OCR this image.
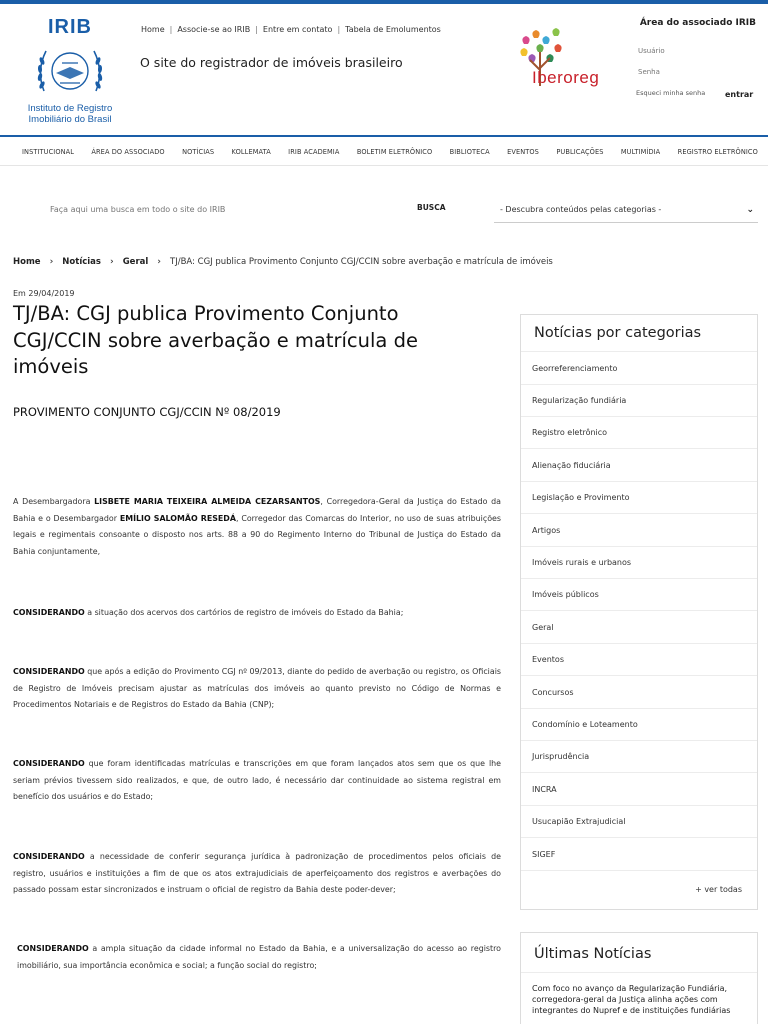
IRIB
Instituto de Registro
Imobiliário do Brasil
Home | Associe-se ao IRIB | Entre em contato | Tabela de Emolumentos
O site do registrador de imóveis brasileiro
Iberoreg
Área do associado IRIB
Usuário
Esqueci minha senha entrar
INSTITUCIONAL	ÁREA DO ASSOCIADO	NOTÍCIAS	KOLLEMATA	IRIB ACADEMIA	BOLETIM ELETRÔNICO	BIBLIOTECA	EVENTOS	PUBLICAÇÕES	MULTIMÍDIA	REGISTRO ELETRÔNICO
Faça aqui uma busca em todo o site do IRIB
BUSCA	- Descubra conteúdos pelas categorias -	⌄
Home › Notícias › Geral › TJ/BA: CGJ publica Provimento Conjunto CGJ/CCIN sobre averbação e matrícula de imóveis
Em 29/04/2019
TJ/BA: CGJ publica Provimento Conjunto CGJ/CCIN sobre averbação e matrícula de imóveis
PROVIMENTO CONJUNTO CGJ/CCIN Nº 08/2019

A Desembargadora LISBETE MARIA TEIXEIRA ALMEIDA CEZARSANTOS, Corregedora-Geral da Justiça do Estado da Bahia e o Desembargador EMÍLIO SALOMÃO RESEDÁ, Corregedor das Comarcas do Interior, no uso de suas atribuições legais e regimentais consoante o disposto nos arts. 88 a 90 do Regimento Interno do Tribunal de Justiça do Estado da Bahia conjuntamente,

CONSIDERANDO a situação dos acervos dos cartórios de registro de imóveis do Estado da Bahia;

CONSIDERANDO que após a edição do Provimento CGJ nº 09/2013, diante do pedido de averbação ou registro, os Oficiais de Registro de Imóveis precisam ajustar as matrículas dos imóveis ao quanto previsto no Código de Normas e Procedimentos Notariais e de Registros do Estado da Bahia (CNP);

CONSIDERANDO que foram identificadas matrículas e transcrições em que foram lançados atos sem que os que lhe seriam prévios tivessem sido realizados, e que, de outro lado, é necessário dar continuidade ao sistema registral em benefício dos usuários e do Estado;

CONSIDERANDO a necessidade de conferir segurança jurídica à padronização de procedimentos pelos oficiais de registro, usuários e instituições a fim de que os atos extrajudiciais de aperfeiçoamento dos registros e averbações do passado possam estar sincronizados e instruam o oficial de registro da Bahia deste poder-dever;

CONSIDERANDO a ampla situação da cidade informal no Estado da Bahia, e a universalização do acesso ao registro imobiliário, sua importância econômica e social; a função social do registro;

Notícias por categorias
Georreferenciamento
Regularização fundiária
Registro eletrônico
Alienação fiduciária
Legislação e Provimento
Artigos
Imóveis rurais e urbanos
Imóveis públicos
Geral
Eventos
Concursos
Condomínio e Loteamento
Jurisprudência
INCRA
Usucapião Extrajudicial
SIGEF
+ ver todas
Últimas Notícias
Com foco no avanço da Regularização Fundiária, corregedora-geral da Justiça alinha ações com integrantes do Nupref e de instituições fundiárias
